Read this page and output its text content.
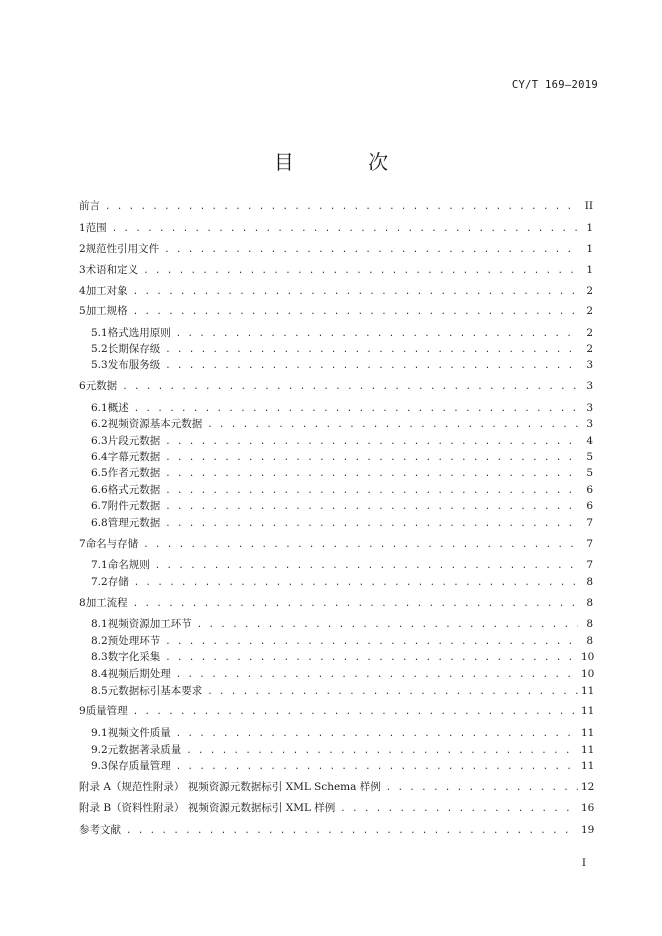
CY/T 169—2019
目 次
前言 . . .	II
1 范围 . . .	1
2 规范性引用文件 . . .	1
3 术语和定义 . . .	1
4 加工对象 . . .	2
5 加工规格 . . .	2
5.1 格式选用原则 . . .	2
5.2 长期保存级 . . .	2
5.3 发布服务级 . . .	3
6 元数据 . . .	3
6.1 概述 . . .	3
6.2 视频资源基本元数据 . . .	3
6.3 片段元数据 . . .	4
6.4 字幕元数据 . . .	5
6.5 作者元数据 . . .	5
6.6 格式元数据 . . .	6
6.7 附件元数据 . . .	6
6.8 管理元数据 . . .	7
7 命名与存储 . . .	7
7.1 命名规则 . . .	7
7.2 存储 . . .	8
8 加工流程 . . .	8
8.1 视频资源加工环节 . . .	8
8.2 预处理环节 . . .	8
8.3 数字化采集 . . .	10
8.4 视频后期处理 . . .	10
8.5 元数据标引基本要求 . . .	11
9 质量管理 . . .	11
9.1 视频文件质量 . . .	11
9.2 元数据著录质量 . . .	11
9.3 保存质量管理 . . .	11
附录 A（规范性附录） 视频资源元数据标引 XML Schema 样例 . . .	12
附录 B（资料性附录） 视频资源元数据标引 XML 样例 . . .	16
参考文献 . . .	19
I
